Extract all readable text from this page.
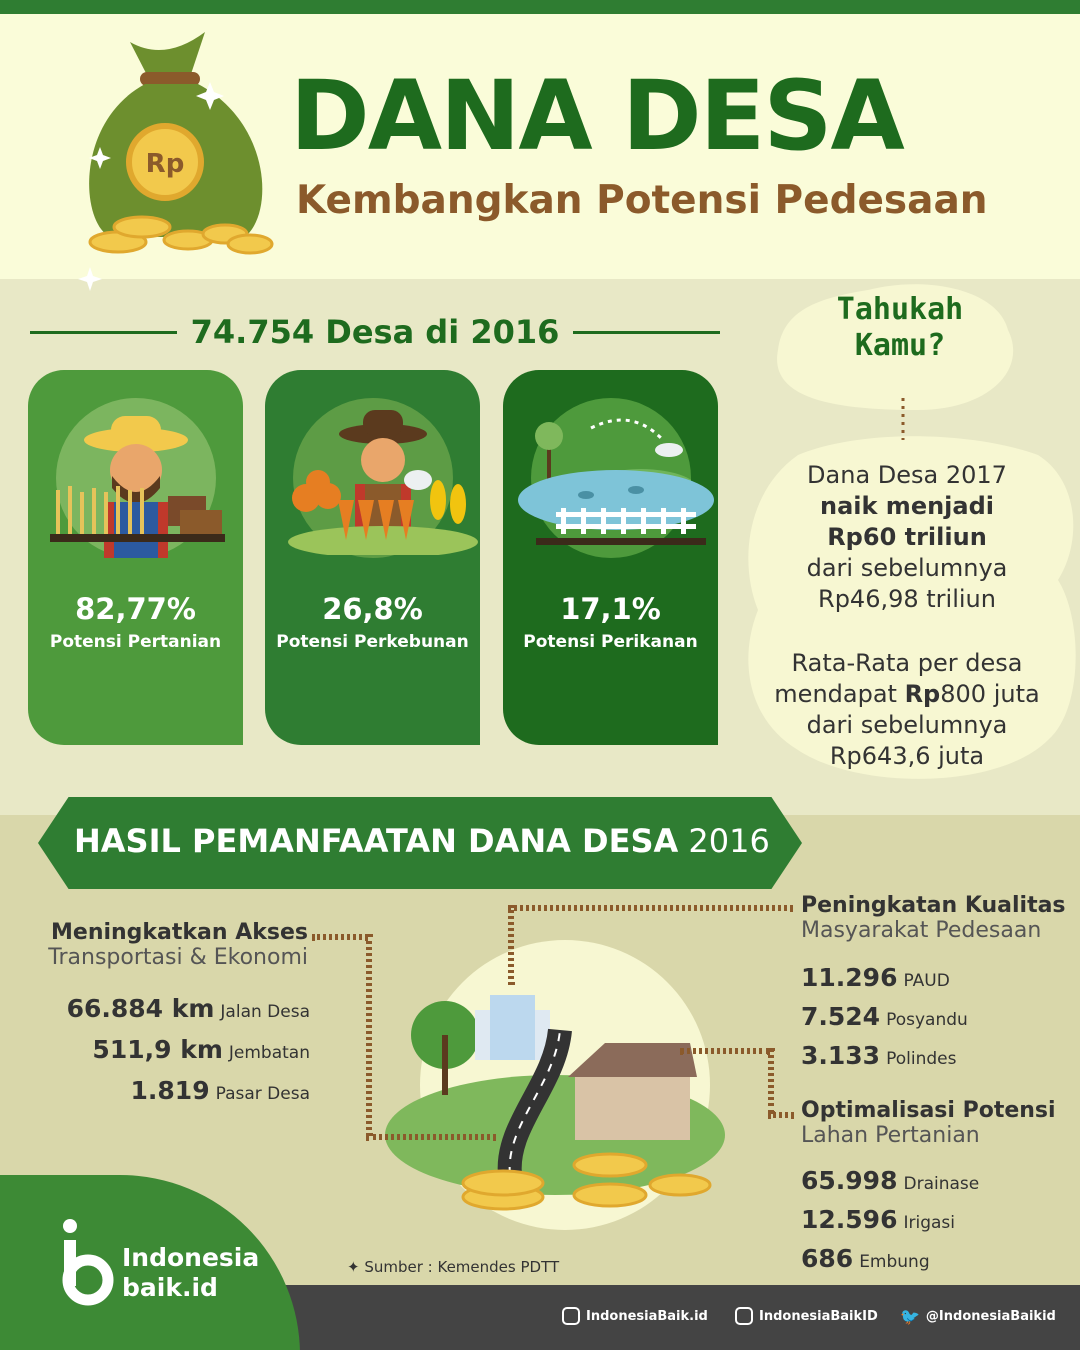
Rp DANA DESA
Kembangkan Potensi Pedesaan
74.754 Desa di 2016
82,77%
Potensi Pertanian
26,8%
Potensi Perkebunan
17,1%
Potensi Perikanan
Tahukah
Kamu?
Dana Desa 2017
naik menjadi
Rp60 triliun
dari sebelumnya
Rp46,98 triliun
Rata-Rata per desa
mendapat Rp800 juta
dari sebelumnya
Rp643,6 juta
HASIL PEMANFAATAN DANA DESA 2016
Meningkatkan Akses
Transportasi & Ekonomi
66.884 km Jalan Desa
511,9 km Jembatan
1.819 Pasar Desa
Peningkatan Kualitas
Masyarakat Pedesaan
11.296 PAUD
7.524 Posyandu
3.133 Polindes
Optimalisasi Potensi
Lahan Pertanian
65.998 Drainase
12.596 Irigasi
686 Embung
Indonesia
baik.id
✦ Sumber : Kemendes PDTT
IndonesiaBaik.id	IndonesiaBaikID 🐦 @IndonesiaBaikid
